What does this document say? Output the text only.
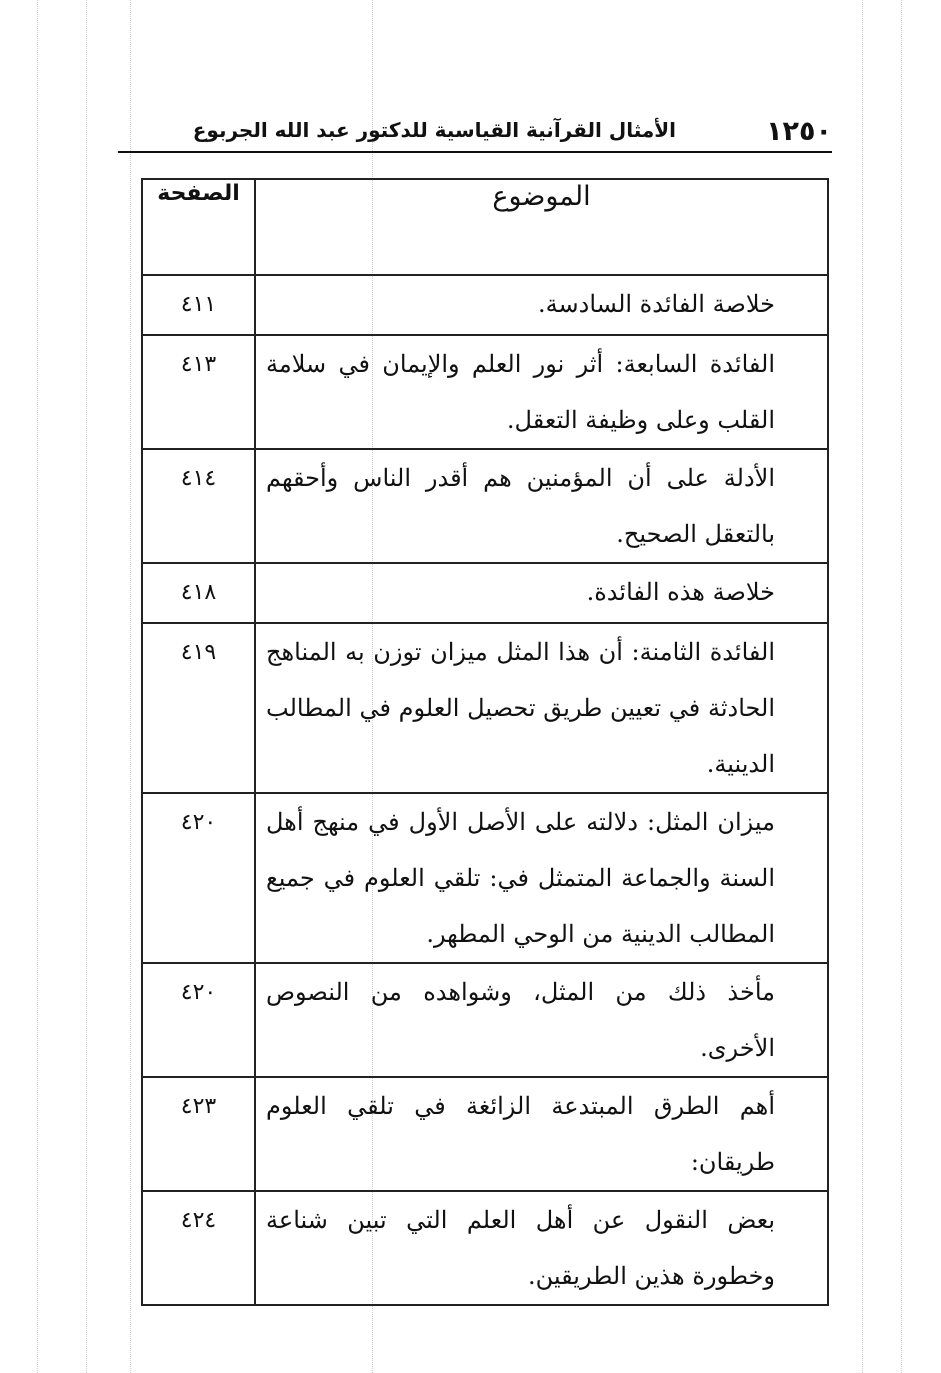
١٢٥٠
الأمثال القرآنية القياسية للدكتور عبد الله الجربوع
الموضوع	الصفحة
خلاصة الفائدة السادسة.	٤١١
الفائدة السابعة: أثر نور العلم والإيمان في سلامة القلب وعلى وظيفة التعقل.	٤١٣
الأدلة على أن المؤمنين هم أقدر الناس وأحقهم بالتعقل الصحيح.	٤١٤
خلاصة هذه الفائدة.	٤١٨
الفائدة الثامنة: أن هذا المثل ميزان توزن به المناهج الحادثة في تعيين طريق تحصيل العلوم في المطالب الدينية.	٤١٩
ميزان المثل: دلالته على الأصل الأول في منهج أهل السنة والجماعة المتمثل في: تلقي العلوم في جميع المطالب الدينية من الوحي المطهر.	٤٢٠
مأخذ ذلك من المثل، وشواهده من النصوص الأخرى.	٤٢٠
أهم الطرق المبتدعة الزائغة في تلقي العلوم طريقان:	٤٢٣
بعض النقول عن أهل العلم التي تبين شناعة وخطورة هذين الطريقين.	٤٢٤
